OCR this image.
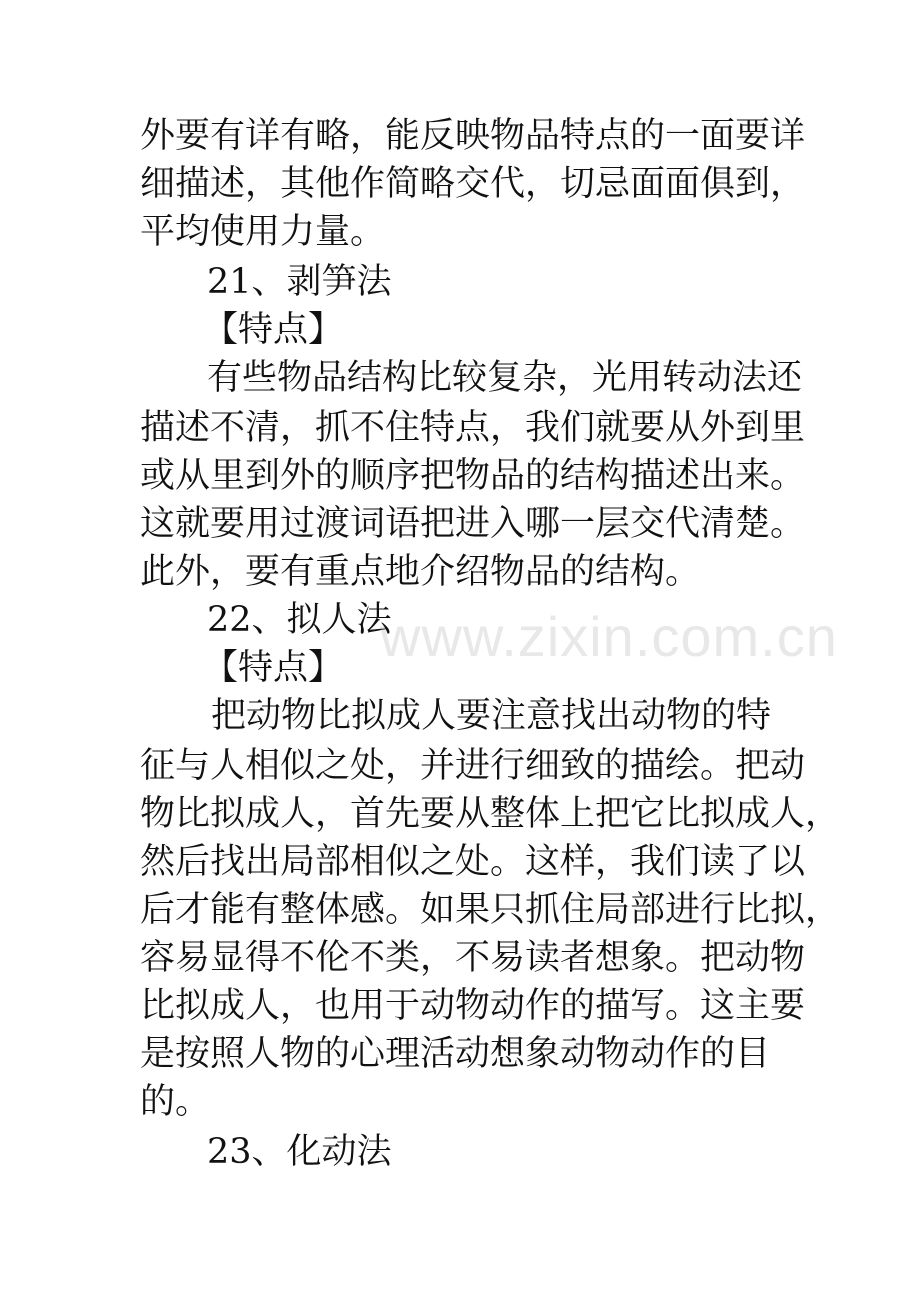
外要有详有略，能反映物品特点的一面要详
细描述，其他作简略交代，切忌面面俱到，
平均使用力量。
21、剥笋法
【特点】
有些物品结构比较复杂，光用转动法还
描述不清，抓不住特点，我们就要从外到里
或从里到外的顺序把物品的结构描述出来。
这就要用过渡词语把进入哪一层交代清楚。
此外，要有重点地介绍物品的结构。
22、拟人法
【特点】
把动物比拟成人要注意找出动物的特
征与人相似之处，并进行细致的描绘。把动
物比拟成人，首先要从整体上把它比拟成人，
然后找出局部相似之处。这样，我们读了以
后才能有整体感。如果只抓住局部进行比拟，
容易显得不伦不类，不易读者想象。把动物
比拟成人，也用于动物动作的描写。这主要
是按照人物的心理活动想象动物动作的目
的。
23、化动法
www.zixin.com.cn
